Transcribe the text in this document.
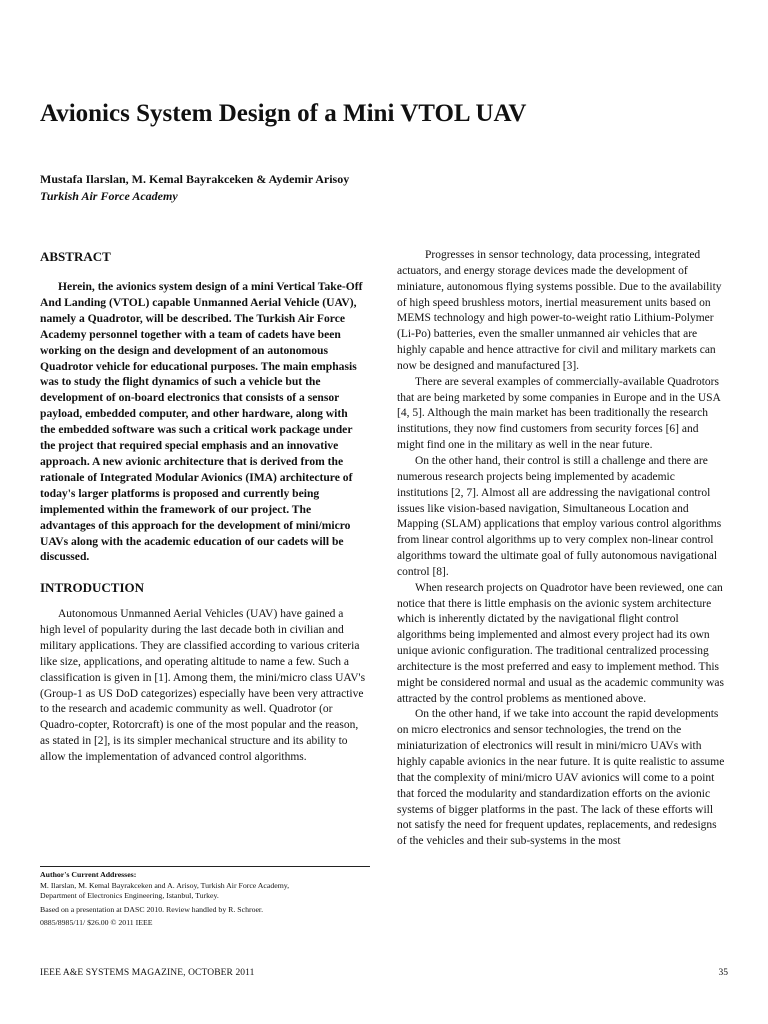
Avionics System Design of a Mini VTOL UAV

Mustafa Ilarslan, M. Kemal Bayrakceken & Aydemir Arisoy

Turkish Air Force Academy

ABSTRACT

Herein, the avionics system design of a mini Vertical Take-Off And Landing (VTOL) capable Unmanned Aerial Vehicle (UAV), namely a Quadrotor, will be described. The Turkish Air Force Academy personnel together with a team of cadets have been working on the design and development of an autonomous Quadrotor vehicle for educational purposes. The main emphasis was to study the flight dynamics of such a vehicle but the development of on-board electronics that consists of a sensor payload, embedded computer, and other hardware, along with the embedded software was such a critical work package under the project that required special emphasis and an innovative approach. A new avionic architecture that is derived from the rationale of Integrated Modular Avionics (IMA) architecture of today's larger platforms is proposed and currently being implemented within the framework of our project. The advantages of this approach for the development of mini/micro UAVs along with the academic education of our cadets will be discussed.

INTRODUCTION

Autonomous Unmanned Aerial Vehicles (UAV) have gained a high level of popularity during the last decade both in civilian and military applications. They are classified according to various criteria like size, applications, and operating altitude to name a few. Such a classification is given in [1]. Among them, the mini/micro class UAV's (Group-1 as US DoD categorizes) especially have been very attractive to the research and academic community as well. Quadrotor (or Quadro-copter, Rotorcraft) is one of the most popular and the reason, as stated in [2], is its simpler mechanical structure and its ability to allow the implementation of advanced control algorithms.

Progresses in sensor technology, data processing, integrated actuators, and energy storage devices made the development of miniature, autonomous flying systems possible. Due to the availability of high speed brushless motors, inertial measurement units based on MEMS technology and high power-to-weight ratio Lithium-Polymer (Li-Po) batteries, even the smaller unmanned air vehicles that are highly capable and hence attractive for civil and military markets can now be designed and manufactured [3].

There are several examples of commercially-available Quadrotors that are being marketed by some companies in Europe and in the USA [4, 5]. Although the main market has been traditionally the research institutions, they now find customers from security forces [6] and might find one in the military as well in the near future.

On the other hand, their control is still a challenge and there are numerous research projects being implemented by academic institutions [2, 7]. Almost all are addressing the navigational control issues like vision-based navigation, Simultaneous Location and Mapping (SLAM) applications that employ various control algorithms from linear control algorithms up to very complex non-linear control algorithms toward the ultimate goal of fully autonomous navigational control [8].

When research projects on Quadrotor have been reviewed, one can notice that there is little emphasis on the avionic system architecture which is inherently dictated by the navigational flight control algorithms being implemented and almost every project had its own unique avionic configuration. The traditional centralized processing architecture is the most preferred and easy to implement method. This might be considered normal and usual as the academic community was attracted by the control problems as mentioned above.

On the other hand, if we take into account the rapid developments on micro electronics and sensor technologies, the trend on the miniaturization of electronics will result in mini/micro UAVs with highly capable avionics in the near future. It is quite realistic to assume that the complexity of mini/micro UAV avionics will come to a point that forced the modularity and standardization efforts on the avionic systems of bigger platforms in the past. The lack of these efforts will not satisfy the need for frequent updates, replacements, and redesigns of the vehicles and their sub-systems in the most

Author's Current Addresses:

M. Ilarslan, M. Kemal Bayrakceken and A. Arisoy, Turkish Air Force Academy,

Department of Electronics Engineering, Istanbul, Turkey.

Based on a presentation at DASC 2010. Review handled by R. Schroer.

0885/8985/11/ $26.00 © 2011 IEEE

IEEE A&E SYSTEMS MAGAZINE, OCTOBER 2011	35
